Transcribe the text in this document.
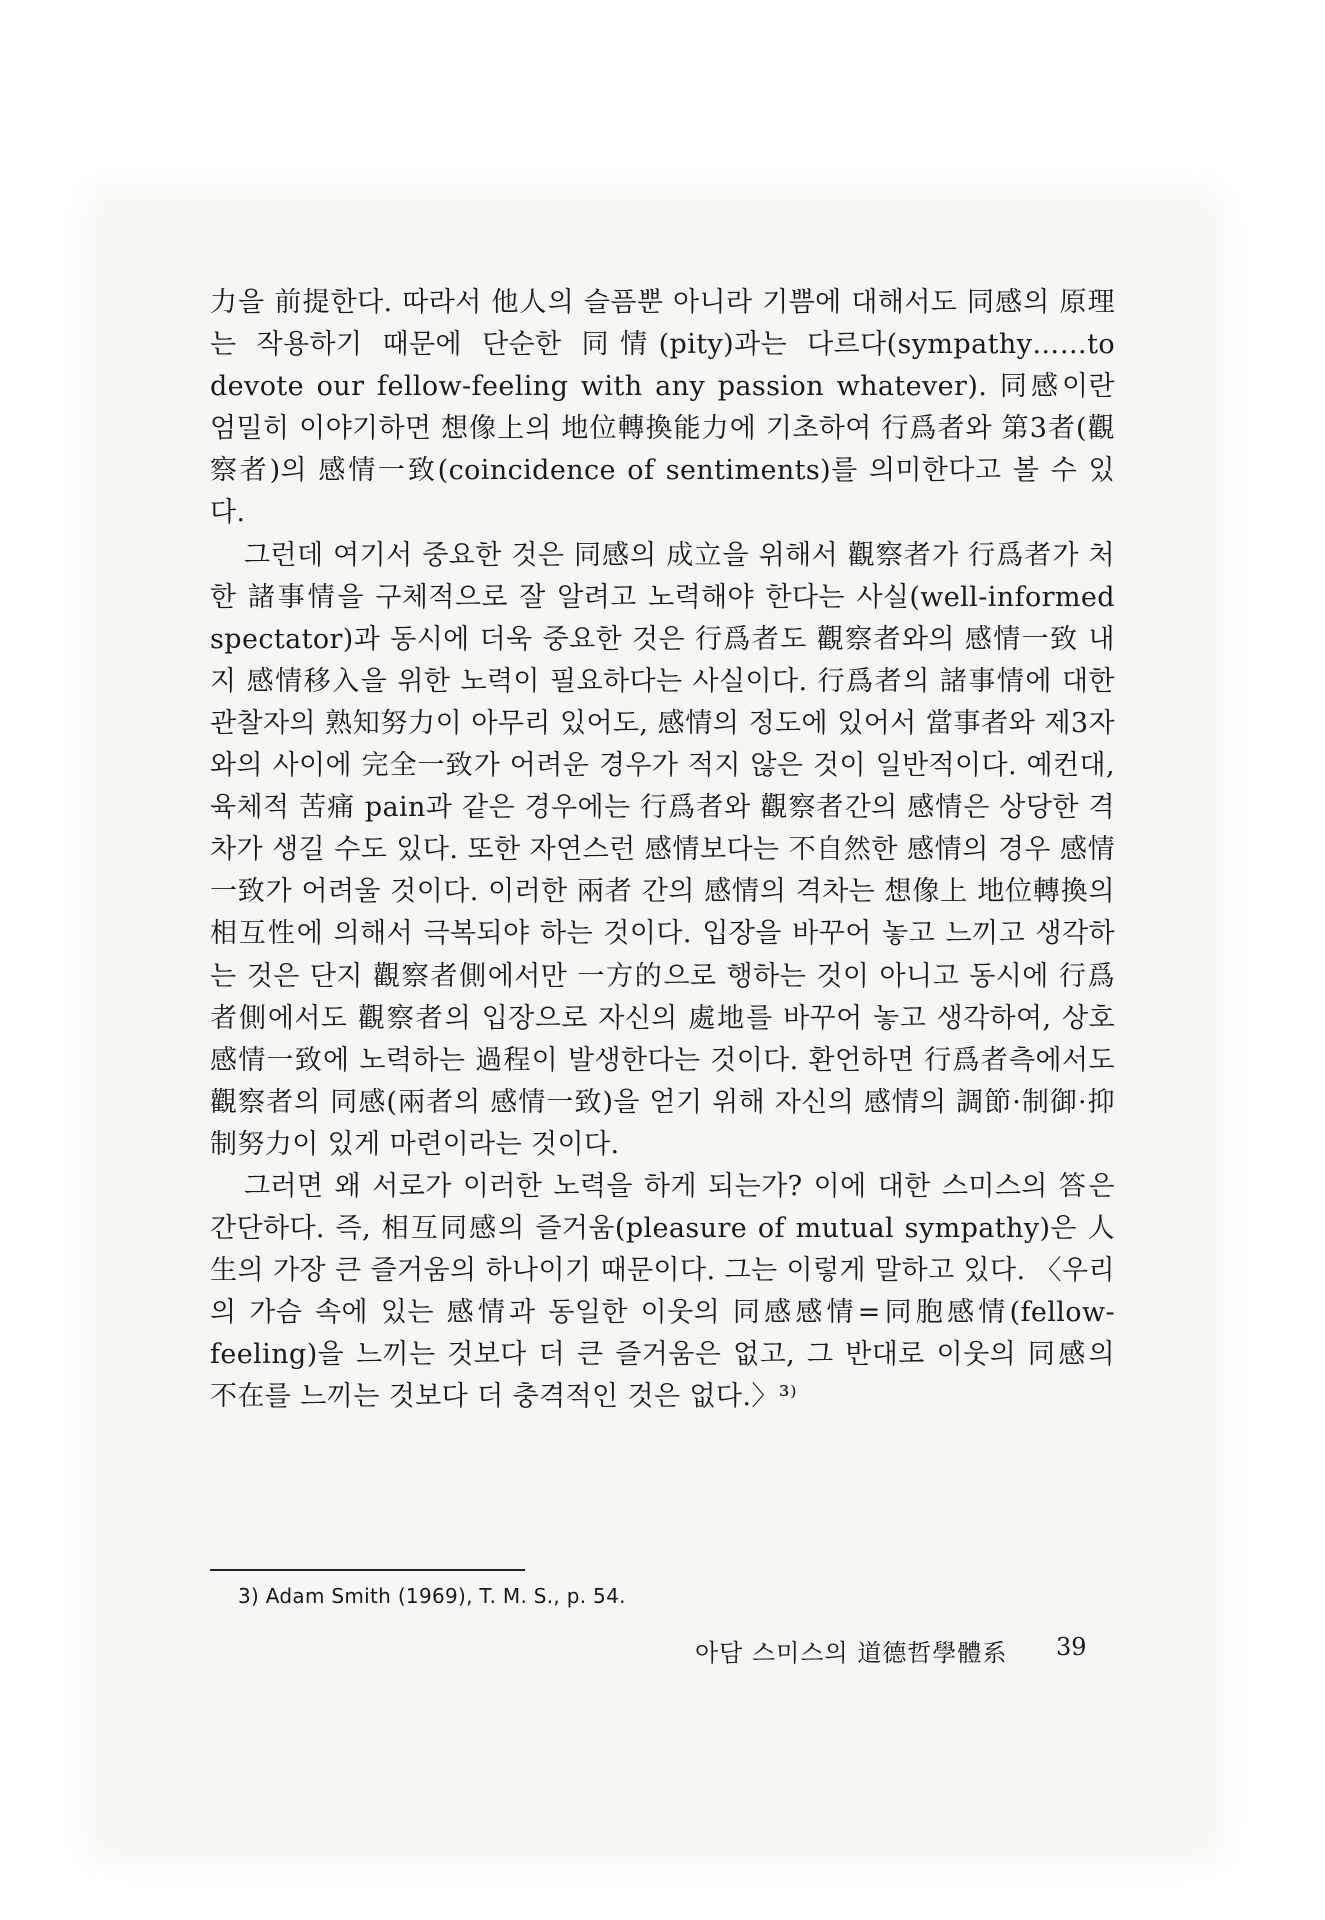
力을 前提한다. 따라서 他人의 슬픔뿐 아니라 기쁨에 대해서도 同感의 原理는 작용하기 때문에 단순한 同情(pity)과는 다르다(sympathy……to devote our fellow-feeling with any passion whatever). 同感이란 엄밀히 이야기하면 想像上의 地位轉換能力에 기초하여 行爲者와 第3者(觀察者)의 感情一致(coincidence of sentiments)를 의미한다고 볼 수 있다.

그런데 여기서 중요한 것은 同感의 成立을 위해서 觀察者가 行爲者가 처한 諸事情을 구체적으로 잘 알려고 노력해야 한다는 사실(well-informed spectator)과 동시에 더욱 중요한 것은 行爲者도 觀察者와의 感情一致 내지 感情移入을 위한 노력이 필요하다는 사실이다. 行爲者의 諸事情에 대한 관찰자의 熟知努力이 아무리 있어도, 感情의 정도에 있어서 當事者와 제3자와의 사이에 完全一致가 어려운 경우가 적지 않은 것이 일반적이다. 예컨대, 육체적 苦痛 pain과 같은 경우에는 行爲者와 觀察者간의 感情은 상당한 격차가 생길 수도 있다. 또한 자연스런 感情보다는 不自然한 感情의 경우 感情一致가 어려울 것이다. 이러한 兩者 간의 感情의 격차는 想像上 地位轉換의 相互性에 의해서 극복되야 하는 것이다. 입장을 바꾸어 놓고 느끼고 생각하는 것은 단지 觀察者側에서만 一方的으로 행하는 것이 아니고 동시에 行爲者側에서도 觀察者의 입장으로 자신의 處地를 바꾸어 놓고 생각하여, 상호 感情一致에 노력하는 過程이 발생한다는 것이다. 환언하면 行爲者측에서도 觀察者의 同感(兩者의 感情一致)을 얻기 위해 자신의 感情의 調節·制御·抑制努力이 있게 마련이라는 것이다.

그러면 왜 서로가 이러한 노력을 하게 되는가? 이에 대한 스미스의 答은 간단하다. 즉, 相互同感의 즐거움(pleasure of mutual sympathy)은 人生의 가장 큰 즐거움의 하나이기 때문이다. 그는 이렇게 말하고 있다. 〈우리의 가슴 속에 있는 感情과 동일한 이웃의 同感感情=同胞感情(fellow-feeling)을 느끼는 것보다 더 큰 즐거움은 없고, 그 반대로 이웃의 同感의 不在를 느끼는 것보다 더 충격적인 것은 없다.〉³⁾

3) Adam Smith (1969), T. M. S., p. 54.
아담 스미스의 道德哲學體系 39
